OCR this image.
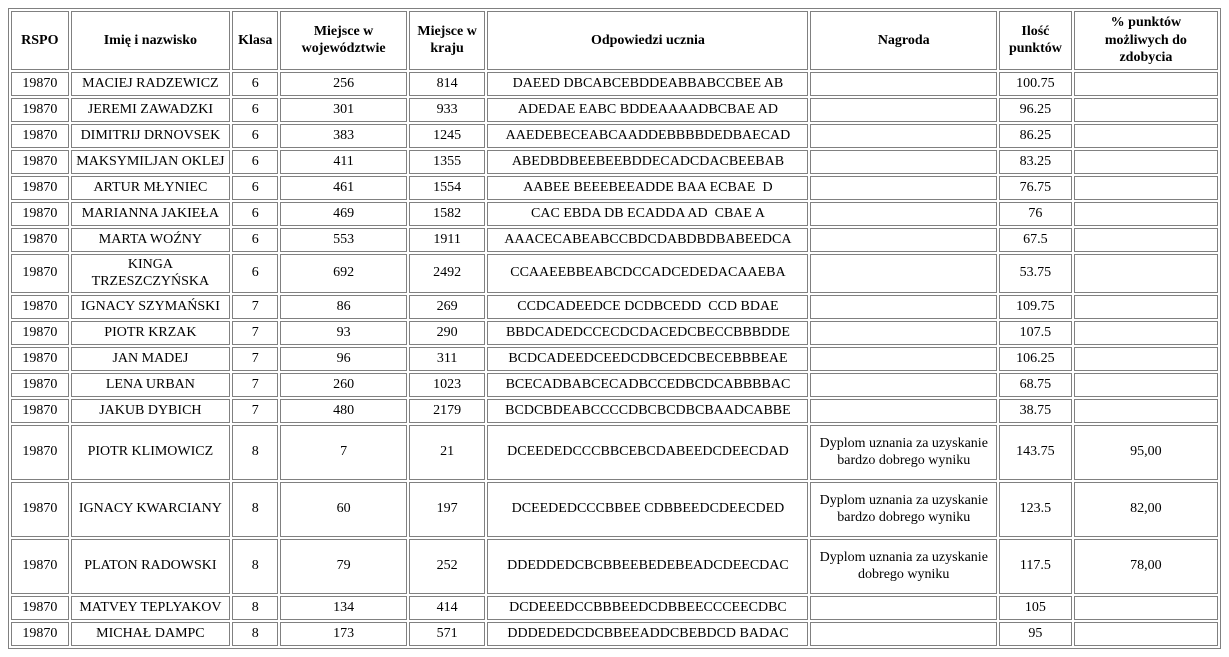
RSPO	Imię i nazwisko	Klasa	Miejsce w województwie	Miejsce w kraju	Odpowiedzi ucznia	Nagroda	Ilość punktów	% punktów możliwych do zdobycia
19870	MACIEJ RADZEWICZ	6	256	814	DAEED DBCABCEBDDEABBABCCBEE AB		100.75	
19870	JEREMI ZAWADZKI	6	301	933	ADEDAE EABC BDDEAAAADBCBAE AD		96.25	
19870	DIMITRIJ DRNOVSEK	6	383	1245	AAEDEBECEABCAADDEBBBBDEDBAECAD		86.25	
19870	MAKSYMILJAN OKLEJ	6	411	1355	ABEDBDBEEBEEBDDECADCDACBEEBAB		83.25	
19870	ARTUR MŁYNIEC	6	461	1554	AABEE BEEEBEEADDE BAA ECBAE  D		76.75	
19870	MARIANNA JAKIEŁA	6	469	1582	CAC EBDA DB ECADDA AD  CBAE A		76	
19870	MARTA WOŹNY	6	553	1911	AAACECABEABCCBDCDABDBDBABEEDCA		67.5	
19870	KINGA TRZESZCZYŃSKA	6	692	2492	CCAAEEBBEABCDCCADCEDEDACAAEBA		53.75	
19870	IGNACY SZYMAŃSKI	7	86	269	CCDCADEEDCE DCDBCEDD  CCD BDAE		109.75	
19870	PIOTR KRZAK	7	93	290	BBDCADEDCCECDCDACEDCBECCBBBDDE		107.5	
19870	JAN MADEJ	7	96	311	BCDCADEEDCEEDCDBCEDCBECEBBBEAE		106.25	
19870	LENA URBAN	7	260	1023	BCECADBABCECADBCCEDBCDCABBBBAC		68.75	
19870	JAKUB DYBICH	7	480	2179	BCDCBDEABCCCCDBCBCDBCBAADCABBE		38.75	
19870	PIOTR KLIMOWICZ	8	7	21	DCEEDEDCCCBBCEBCDABEEDCDEECDAD	Dyplom uznania za uzyskanie bardzo dobrego wyniku	143.75	95,00
19870	IGNACY KWARCIANY	8	60	197	DCEEDEDCCCBBEE CDBBEEDCDEECDED	Dyplom uznania za uzyskanie bardzo dobrego wyniku	123.5	82,00
19870	PLATON RADOWSKI	8	79	252	DDEDDEDCBCBBEEBEDEBEADCDEECDAC	Dyplom uznania za uzyskanie dobrego wyniku	117.5	78,00
19870	MATVEY TEPLYAKOV	8	134	414	DCDEEEDCCBBBEEDCDBBEECCCEECDBC		105	
19870	MICHAŁ DAMPC	8	173	571	DDDEDEDCDCBBEEADDCBEBDCD BADAC		95	
